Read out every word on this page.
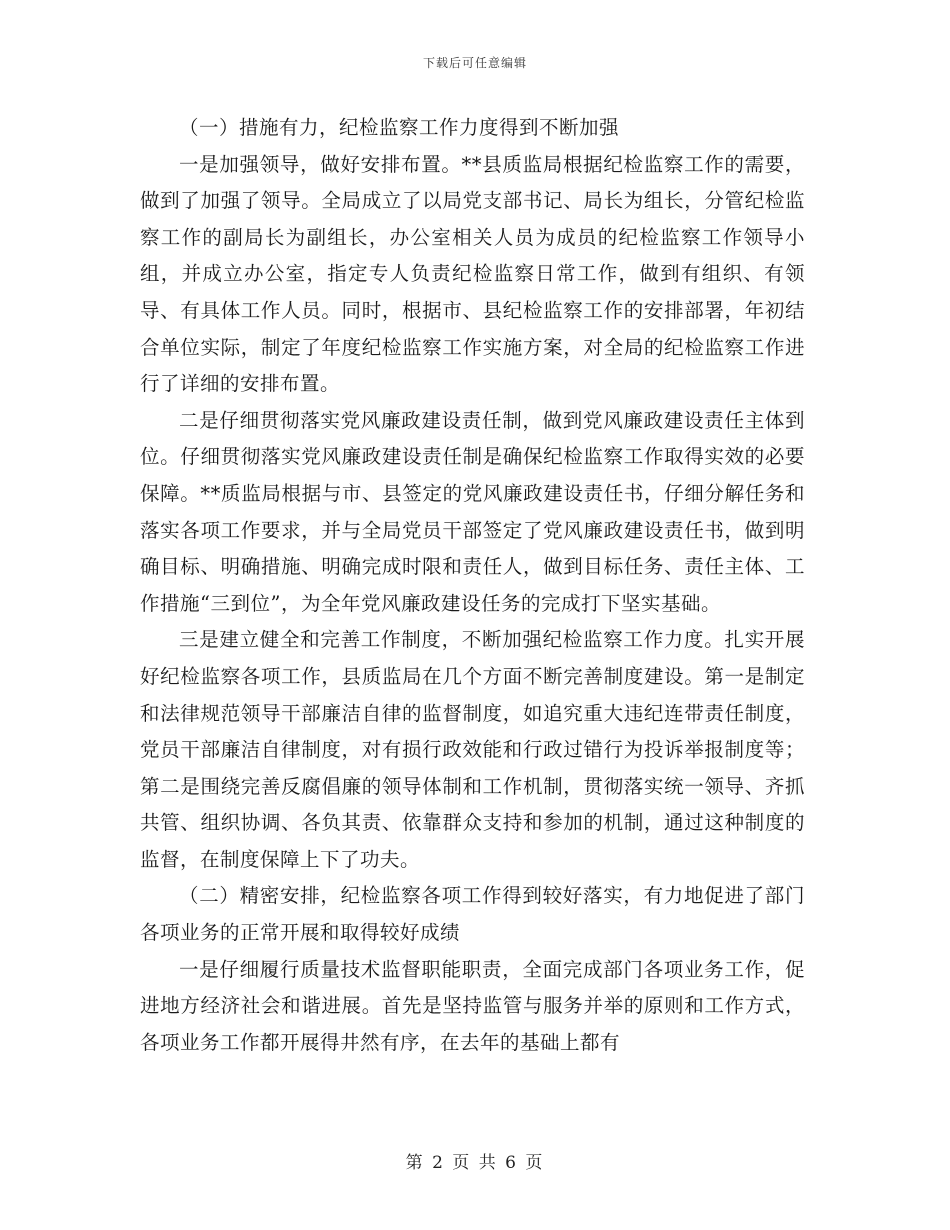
下载后可任意编辑

（一）措施有力，纪检监察工作力度得到不断加强

一是加强领导，做好安排布置。**县质监局根据纪检监察工作的需要，做到了加强了领导。全局成立了以局党支部书记、局长为组长，分管纪检监察工作的副局长为副组长，办公室相关人员为成员的纪检监察工作领导小组，并成立办公室，指定专人负责纪检监察日常工作，做到有组织、有领导、有具体工作人员。同时，根据市、县纪检监察工作的安排部署，年初结合单位实际，制定了年度纪检监察工作实施方案，对全局的纪检监察工作进行了详细的安排布置。

二是仔细贯彻落实党风廉政建设责任制，做到党风廉政建设责任主体到位。仔细贯彻落实党风廉政建设责任制是确保纪检监察工作取得实效的必要保障。**质监局根据与市、县签定的党风廉政建设责任书，仔细分解任务和落实各项工作要求，并与全局党员干部签定了党风廉政建设责任书，做到明确目标、明确措施、明确完成时限和责任人，做到目标任务、责任主体、工作措施“三到位”，为全年党风廉政建设任务的完成打下坚实基础。

三是建立健全和完善工作制度，不断加强纪检监察工作力度。扎实开展好纪检监察各项工作，县质监局在几个方面不断完善制度建设。第一是制定和法律规范领导干部廉洁自律的监督制度，如追究重大违纪连带责任制度，党员干部廉洁自律制度，对有损行政效能和行政过错行为投诉举报制度等；第二是围绕完善反腐倡廉的领导体制和工作机制，贯彻落实统一领导、齐抓共管、组织协调、各负其责、依靠群众支持和参加的机制，通过这种制度的监督，在制度保障上下了功夫。

（二）精密安排，纪检监察各项工作得到较好落实，有力地促进了部门各项业务的正常开展和取得较好成绩

一是仔细履行质量技术监督职能职责，全面完成部门各项业务工作，促进地方经济社会和谐进展。首先是坚持监管与服务并举的原则和工作方式，各项业务工作都开展得井然有序，在去年的基础上都有

第 2 页 共 6 页
